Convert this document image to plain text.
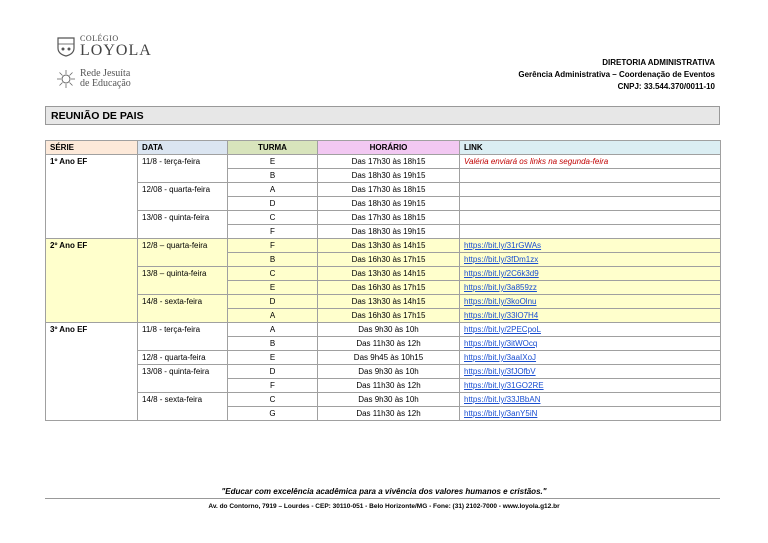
COLÉGIO
LOYOLA
Rede Jesuíta
de Educação
DIRETORIA ADMINISTRATIVA
Gerência Administrativa – Coordenação de Eventos
CNPJ: 33.544.370/0011-10
REUNIÃO DE PAIS
SÉRIE	DATA	TURMA	HORÁRIO	LINK
1º Ano EF	11/8 - terça-feira	E	Das 17h30 às 18h15	Valéria enviará os links na segunda-feira
		B	Das 18h30 às 19h15	
	12/08 - quarta-feira	A	Das 17h30 às 18h15	
		D	Das 18h30 às 19h15	
	13/08 - quinta-feira	C	Das 17h30 às 18h15	
		F	Das 18h30 às 19h15	
2º Ano EF	12/8 – quarta-feira	F	Das 13h30 às 14h15	https://bit.ly/31rGWAs
		B	Das 16h30 às 17h15	https://bit.ly/3fDm1zx
	13/8 – quinta-feira	C	Das 13h30 às 14h15	https://bit.ly/2C6k3d9
		E	Das 16h30 às 17h15	https://bit.ly/3a859zz
	14/8 - sexta-feira	D	Das 13h30 às 14h15	https://bit.ly/3koOlnu
		A	Das 16h30 às 17h15	https://bit.ly/33lO7H4
3º Ano EF	11/8 - terça-feira	A	Das 9h30 às 10h	https://bit.ly/2PECpoL
		B	Das 11h30 às 12h	https://bit.ly/3itWOcq
	12/8 - quarta-feira	E	Das 9h45 às 10h15	https://bit.ly/3aaIXoJ
	13/08 - quinta-feira	D	Das 9h30 às 10h	https://bit.ly/3fJOfbV
		F	Das 11h30 às 12h	https://bit.ly/31GO2RE
	14/8 - sexta-feira	C	Das 9h30 às 10h	https://bit.ly/33JBbAN
		G	Das 11h30 às 12h	https://bit.ly/3anY5iN
"Educar com excelência acadêmica para a vivência dos valores humanos e cristãos."
Av. do Contorno, 7919 – Lourdes - CEP: 30110-051 - Belo Horizonte/MG - Fone: (31) 2102-7000 - www.loyola.g12.br
